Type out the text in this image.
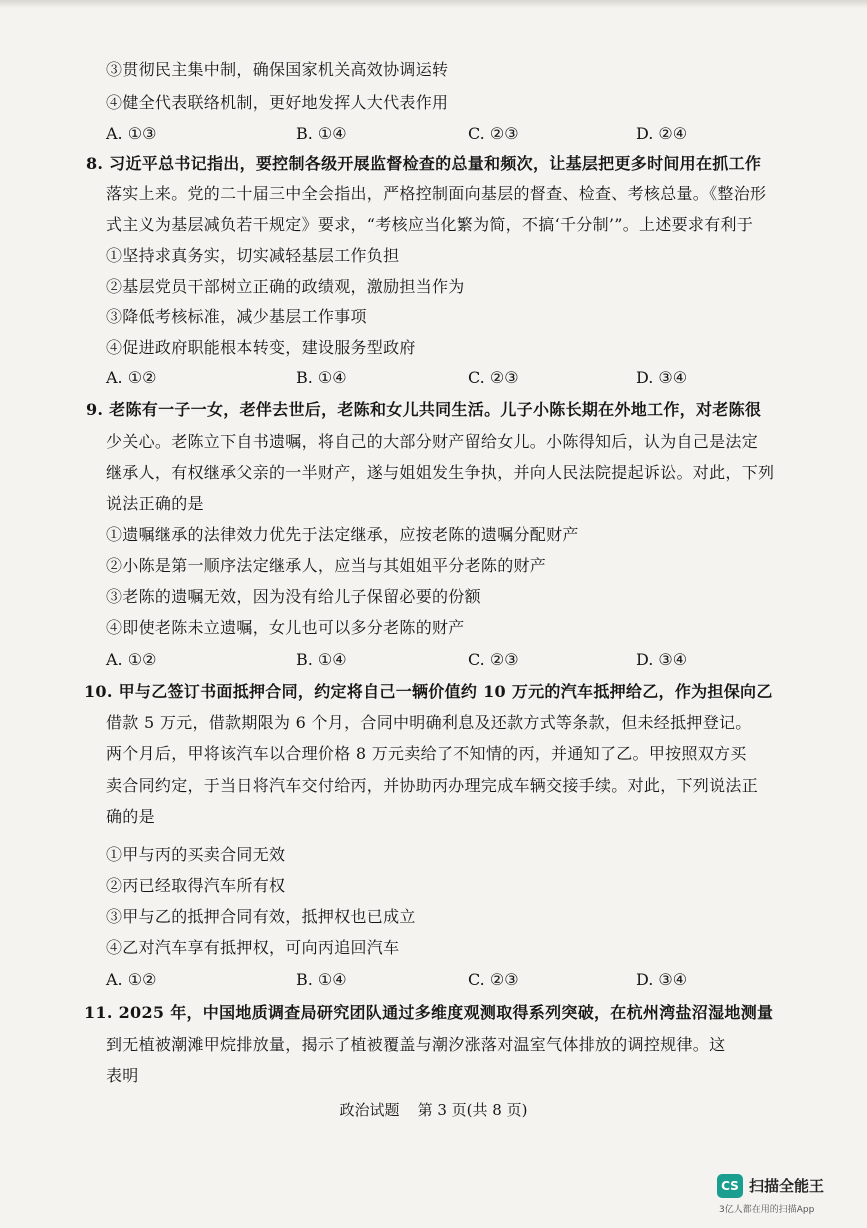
③贯彻民主集中制，确保国家机关高效协调运转
④健全代表联络机制，更好地发挥人大代表作用
A. ①③	B. ①④	C. ②③	D. ②④
8. 习近平总书记指出，要控制各级开展监督检查的总量和频次，让基层把更多时间用在抓工作
落实上来。党的二十届三中全会指出，严格控制面向基层的督查、检查、考核总量。《整治形
式主义为基层减负若干规定》要求，“考核应当化繁为简，不搞‘千分制’”。上述要求有利于
①坚持求真务实，切实减轻基层工作负担
②基层党员干部树立正确的政绩观，激励担当作为
③降低考核标准，减少基层工作事项
④促进政府职能根本转变，建设服务型政府
A. ①②	B. ①④	C. ②③	D. ③④
9. 老陈有一子一女，老伴去世后，老陈和女儿共同生活。儿子小陈长期在外地工作，对老陈很
少关心。老陈立下自书遗嘱，将自己的大部分财产留给女儿。小陈得知后，认为自己是法定
继承人，有权继承父亲的一半财产，遂与姐姐发生争执，并向人民法院提起诉讼。对此，下列
说法正确的是
①遗嘱继承的法律效力优先于法定继承，应按老陈的遗嘱分配财产
②小陈是第一顺序法定继承人，应当与其姐姐平分老陈的财产
③老陈的遗嘱无效，因为没有给儿子保留必要的份额
④即使老陈未立遗嘱，女儿也可以多分老陈的财产
A. ①②	B. ①④	C. ②③	D. ③④
10. 甲与乙签订书面抵押合同，约定将自己一辆价值约 10 万元的汽车抵押给乙，作为担保向乙
借款 5 万元，借款期限为 6 个月，合同中明确利息及还款方式等条款，但未经抵押登记。
两个月后，甲将该汽车以合理价格 8 万元卖给了不知情的丙，并通知了乙。甲按照双方买
卖合同约定，于当日将汽车交付给丙，并协助丙办理完成车辆交接手续。对此，下列说法正
确的是
①甲与丙的买卖合同无效
②丙已经取得汽车所有权
③甲与乙的抵押合同有效，抵押权也已成立
④乙对汽车享有抵押权，可向丙追回汽车
A. ①②	B. ①④	C. ②③	D. ③④
11. 2025 年，中国地质调查局研究团队通过多维度观测取得系列突破，在杭州湾盐沼湿地测量
到无植被潮滩甲烷排放量，揭示了植被覆盖与潮汐涨落对温室气体排放的调控规律。这
表明
政治试题 第 3 页(共 8 页)
CS 扫描全能王
3亿人都在用的扫描App
